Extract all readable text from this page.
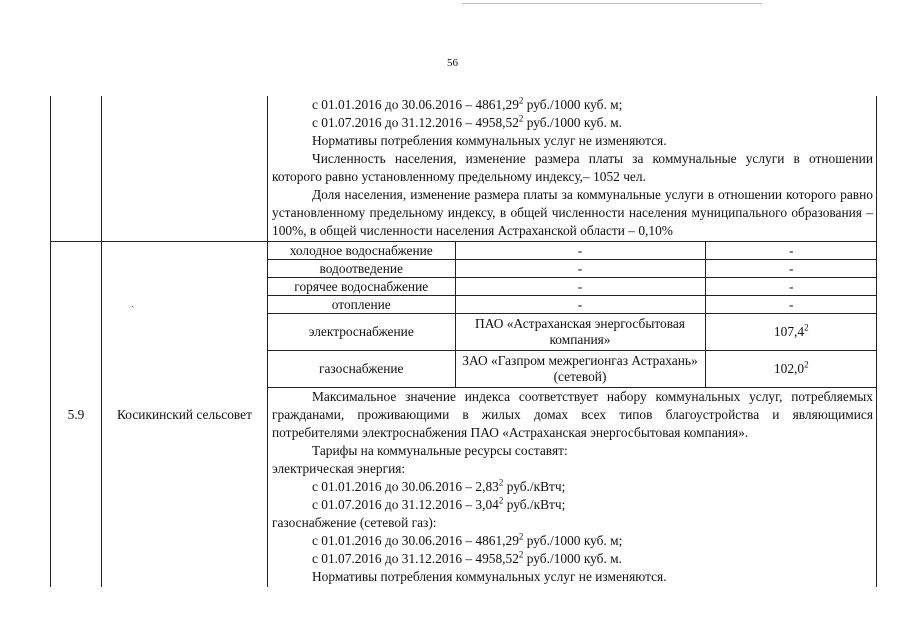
56

с 01.01.2016 до 30.06.2016 – 4861,29$^2$ руб./1000 куб. м;

с 01.07.2016 до 31.12.2016 – 4958,52$^2$ руб./1000 куб. м.

Нормативы потребления коммунальных услуг не изменяются.

Численность населения, изменение размера платы за коммунальные услуги в отношении которого равно установленному предельному индексу,– 1052 чел.

Доля населения, изменение размера платы за коммунальные услуги в отношении которого равно установленному предельному индексу, в общей численности населения муниципального образования – 100%, в общей численности населения Астраханской области – 0,10%

5.9	Косикинский сельсовет	
холодное водоснабжение	-	-
водоотведение	-	-
горячее водоснабжение	-	-
отопление	-	-
электроснабжение	ПАО «Астраханская энергосбытовая компания»	107,4$^2$
газоснабжение	ЗАО «Газпром межрегионгаз Астрахань» (сетевой)	102,0$^2$

Максимальное значение индекса соответствует набору коммунальных услуг, потребляемых гражданами, проживающими в жилых домах всех типов благоустройства и являющимися потребителями электроснабжения ПАО «Астраханская энергосбытовая компания».

Тарифы на коммунальные ресурсы составят:

электрическая энергия:

с 01.01.2016 до 30.06.2016 – 2,83$^2$ руб./кВтч;

с 01.07.2016 до 31.12.2016 – 3,04$^2$ руб./кВтч;

газоснабжение (сетевой газ):

с 01.01.2016 до 30.06.2016 – 4861,29$^2$ руб./1000 куб. м;

с 01.07.2016 до 31.12.2016 – 4958,52$^2$ руб./1000 куб. м.

Нормативы потребления коммунальных услуг не изменяются.

ˏ
